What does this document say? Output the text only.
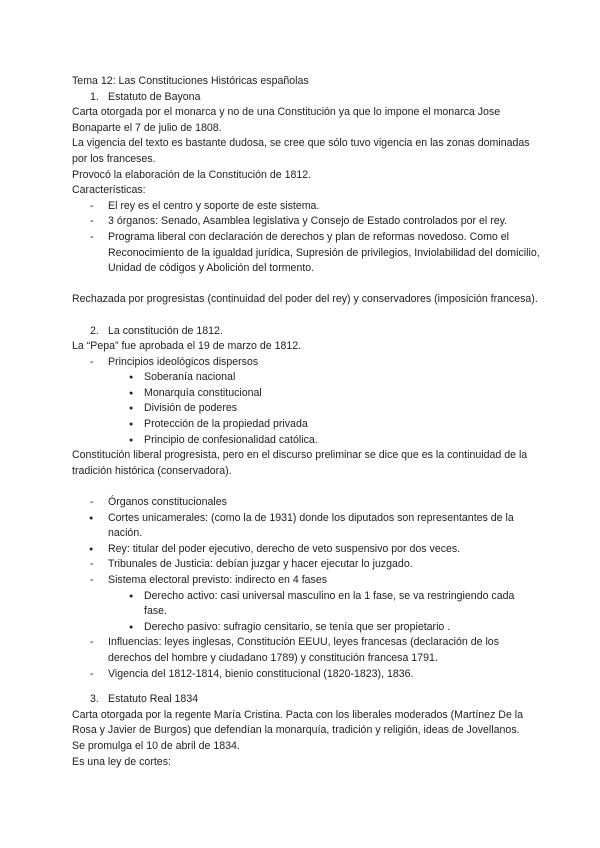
Tema 12: Las Constituciones Históricas españolas

1. Estatuto de Bayona

Carta otorgada por el monarca y no de una Constitución ya que lo impone el monarca Jose Bonaparte el 7 de julio de 1808.

La vigencia del texto es bastante dudosa, se cree que sólo tuvo vigencia en las zonas dominadas por los franceses.

Provocó la elaboración de la Constitución de 1812.

Características:

- El rey es el centro y soporte de este sistema.
- 3 órganos: Senado, Asamblea legislativa y Consejo de Estado controlados por el rey.
- Programa liberal con declaración de derechos y plan de reformas novedoso. Como el Reconocimiento de la igualdad jurídica, Supresión de privilegios, Inviolabilidad del domicilio, Unidad de códigos y Abolición del tormento.

Rechazada por progresistas (continuidad del poder del rey) y conservadores (imposición francesa).

2. La constitución de 1812.

La “Pepa” fue aprobada el 19 de marzo de 1812.

- Principios ideológicos dispersos
● Soberanía nacional
● Monarquía constitucional
● División de poderes
● Protección de la propiedad privada
● Principio de confesionalidad católica.

Constitución liberal progresista, pero en el discurso preliminar se dice que es la continuidad de la tradición histórica (conservadora).

- Órganos constitucionales
● Cortes unicamerales: (como la de 1931) donde los diputados son representantes de la nación.
● Rey: titular del poder ejecutivo, derecho de veto suspensivo por dos veces.
- Tribunales de Justicia: debían juzgar y hacer ejecutar lo juzgado.
- Sistema electoral previsto: indirecto en 4 fases
● Derecho activo: casi universal masculino en la 1 fase, se va restringiendo cada fase.
● Derecho pasivo: sufragio censitario, se tenía que ser propietario .
- Influencias: leyes inglesas, Constitución EEUU, leyes francesas (declaración de los derechos del hombre y ciudadano 1789) y constitución francesa 1791.
- Vigencia del 1812-1814, bienio constitucional (1820-1823), 1836.
3. Estatuto Real 1834

Carta otorgada por la regente María Cristina. Pacta con los liberales moderados (Martínez De la Rosa y Javier de Burgos) que defendían la monarquía, tradición y religión, ideas de Jovellanos.

Se promulga el 10 de abril de 1834.

Es una ley de cortes:
